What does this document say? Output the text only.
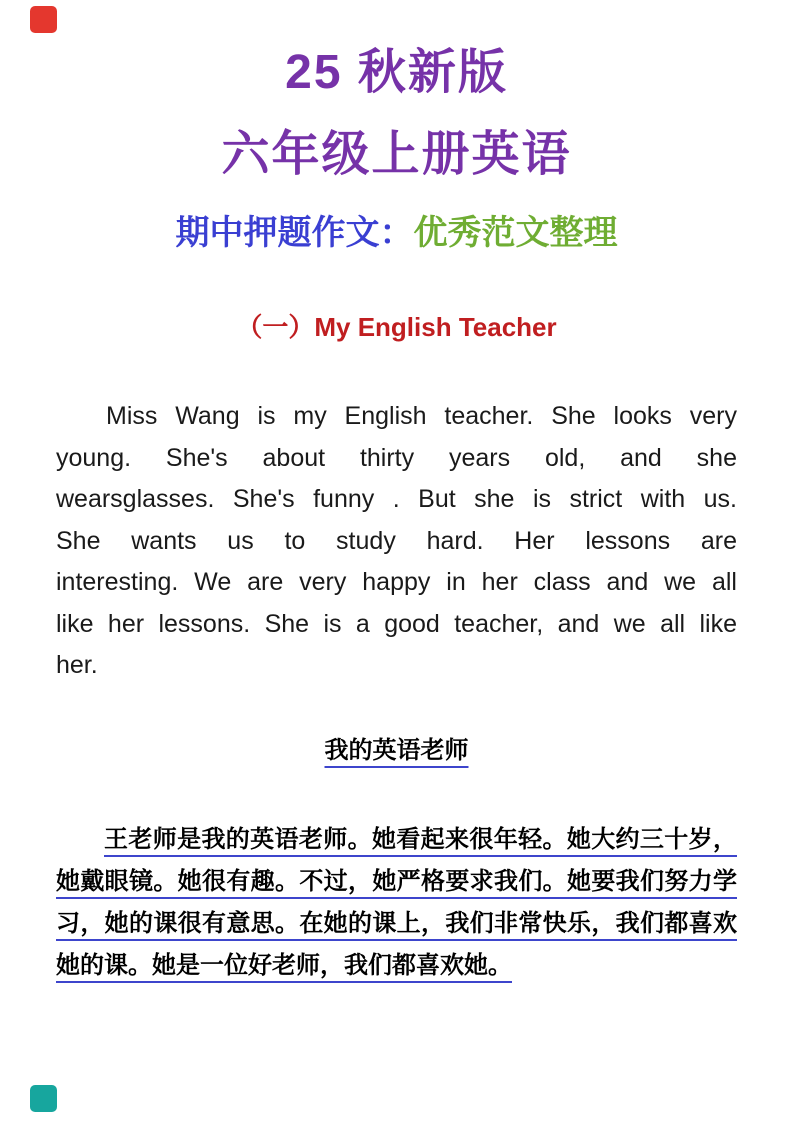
25 秋新版
六年级上册英语
期中押题作文：优秀范文整理
（一）My English Teacher
Miss Wang is my English teacher. She looks very
young. She's about thirty years old, and she
wearsglasses. She's funny . But she is strict with us.
She wants us to study hard. Her lessons are
interesting. We are very happy in her class and we all
like her lessons. She is a good teacher, and we all like
her.
我的英语老师
王老师是我的英语老师。她看起来很年轻。她大约三十岁，
她戴眼镜。她很有趣。不过，她严格要求我们。她要我们努力学
习，她的课很有意思。在她的课上，我们非常快乐，我们都喜欢
她的课。她是一位好老师，我们都喜欢她。
